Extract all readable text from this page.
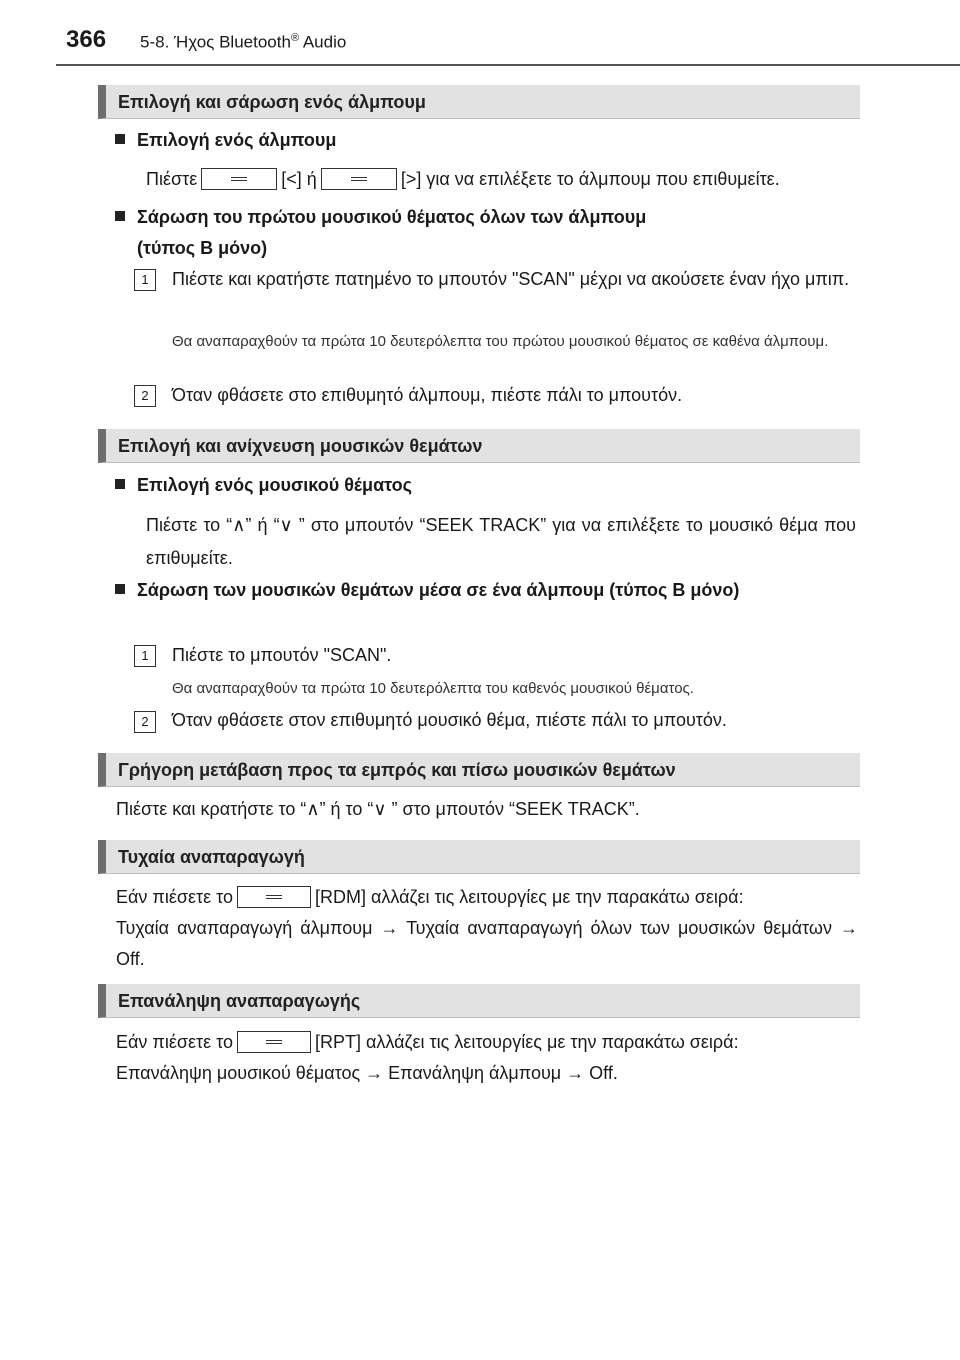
366 5-8. Ήχος Bluetooth® Audio
Επιλογή και σάρωση ενός άλμπουμ
Επιλογή ενός άλμπουμ
Πιέστε	[<] ή	[>] για να επιλέξετε το άλμπουμ που επιθυμείτε.
Σάρωση του πρώτου μουσικού θέματος όλων των άλμπουμ
(τύπος B μόνο)
1	Πιέστε και κρατήστε πατημένο το μπουτόν "SCAN" μέχρι να ακούσετε έναν ήχο μπιπ.
Θα αναπαραχθούν τα πρώτα 10 δευτερόλεπτα του πρώτου μουσικού θέματος σε καθένα άλμπουμ.
2	Όταν φθάσετε στο επιθυμητό άλμπουμ, πιέστε πάλι το μπουτόν.
Επιλογή και ανίχνευση μουσικών θεμάτων
Επιλογή ενός μουσικού θέματος
Πιέστε το “∧” ή “∨ ” στο μπουτόν “SEEK TRACK” για να επιλέξετε το μουσικό θέμα που επιθυμείτε.
Σάρωση των μουσικών θεμάτων μέσα σε ένα άλμπουμ (τύπος B μόνο)
1	Πιέστε το μπουτόν "SCAN".
Θα αναπαραχθούν τα πρώτα 10 δευτερόλεπτα του καθενός μουσικού θέματος.
2	Όταν φθάσετε στον επιθυμητό μουσικό θέμα, πιέστε πάλι το μπουτόν.
Γρήγορη μετάβαση προς τα εμπρός και πίσω μουσικών θεμάτων
Πιέστε και κρατήστε το “∧” ή το “∨ ” στο μπουτόν “SEEK TRACK”.
Τυχαία αναπαραγωγή
Εάν πιέσετε το	[RDM] αλλάζει τις λειτουργίες με την παρακάτω σειρά:
Τυχαία αναπαραγωγή άλμπουμ → Τυχαία αναπαραγωγή όλων των μουσικών θεμάτων → Off.
Επανάληψη αναπαραγωγής
Εάν πιέσετε το	[RPT] αλλάζει τις λειτουργίες με την παρακάτω σειρά:
Επανάληψη μουσικού θέματος → Επανάληψη άλμπουμ → Off.
